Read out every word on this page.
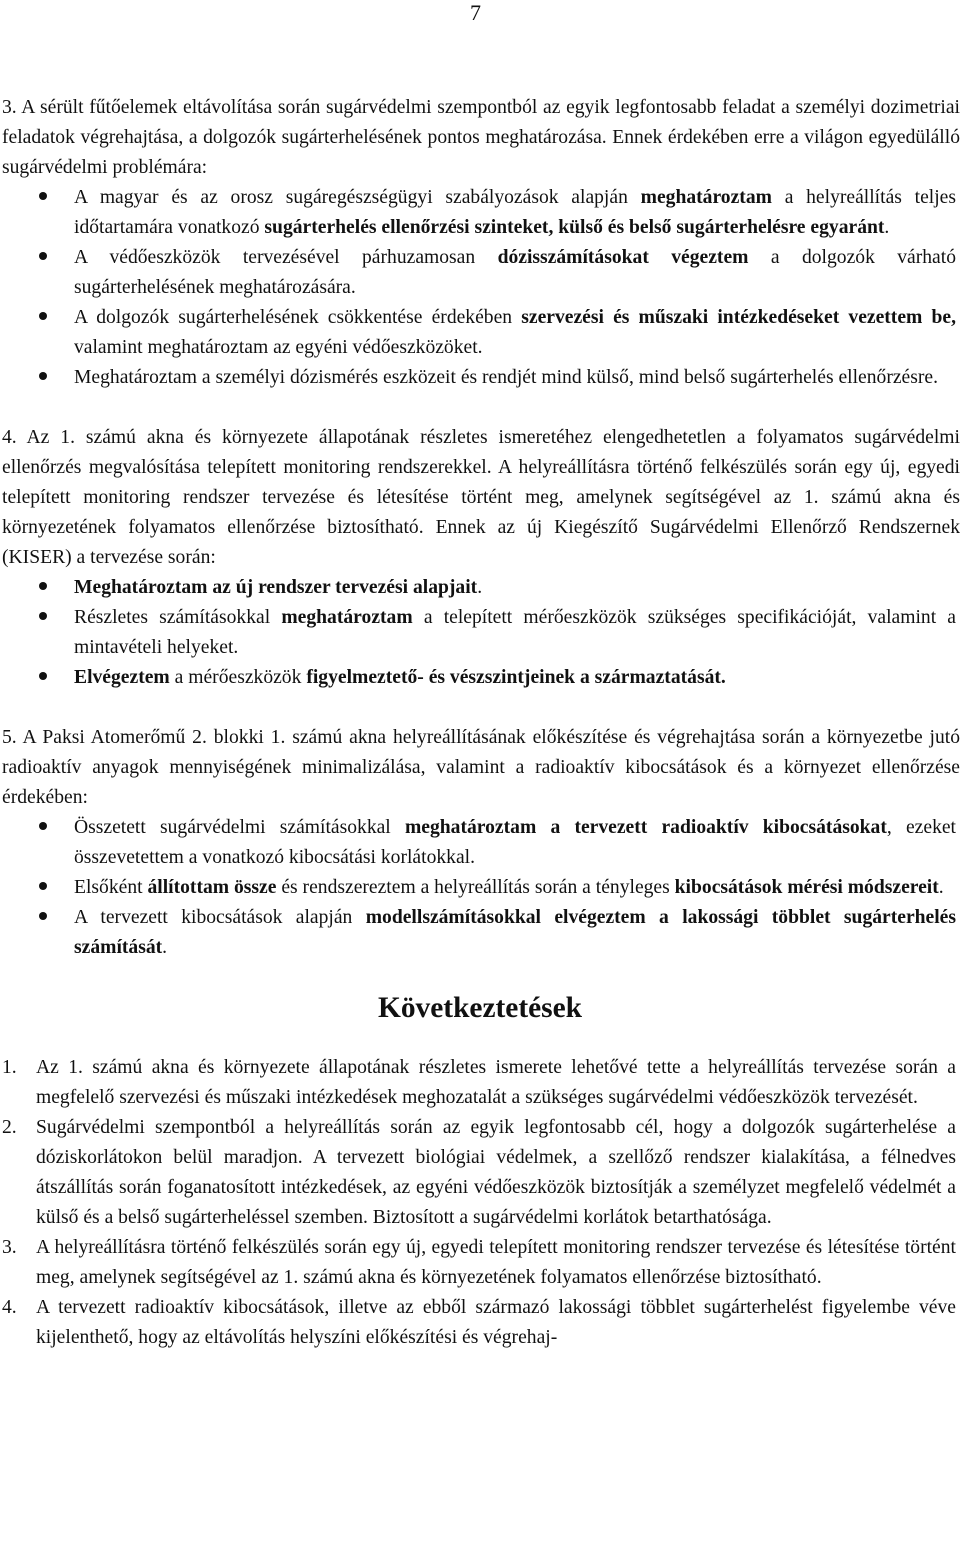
7

3. A sérült fűtőelemek eltávolítása során sugárvédelmi szempontból az egyik legfontosabb feladat a személyi dozimetriai feladatok végrehajtása, a dolgozók sugárterhelésének pontos meghatározása. Ennek érdekében erre a világon egyedülálló sugárvédelmi problémára:

A magyar és az orosz sugáregészségügyi szabályozások alapján meghatároztam a helyreállítás teljes időtartamára vonatkozó sugárterhelés ellenőrzési szinteket, külső és belső sugárterhelésre egyaránt.

A védőeszközök tervezésével párhuzamosan dózisszámításokat végeztem a dolgozók várható sugárterhelésének meghatározására.

A dolgozók sugárterhelésének csökkentése érdekében szervezési és műszaki intézkedéseket vezettem be, valamint meghatároztam az egyéni védőeszközöket.

Meghatároztam a személyi dózismérés eszközeit és rendjét mind külső, mind belső sugárterhelés ellenőrzésre.

4. Az 1. számú akna és környezete állapotának részletes ismeretéhez elengedhetetlen a folyamatos sugárvédelmi ellenőrzés megvalósítása telepített monitoring rendszerekkel. A helyreállításra történő felkészülés során egy új, egyedi telepített monitoring rendszer tervezése és létesítése történt meg, amelynek segítségével az 1. számú akna és környezetének folyamatos ellenőrzése biztosítható. Ennek az új Kiegészítő Sugárvédelmi Ellenőrző Rendszernek (KISER) a tervezése során:

Meghatároztam az új rendszer tervezési alapjait.

Részletes számításokkal meghatároztam a telepített mérőeszközök szükséges specifikációját, valamint a mintavételi helyeket.

Elvégeztem a mérőeszközök figyelmeztető- és vészszintjeinek a származtatását.

5. A Paksi Atomerőmű 2. blokki 1. számú akna helyreállításának előkészítése és végrehajtása során a környezetbe jutó radioaktív anyagok mennyiségének minimalizálása, valamint a radioaktív kibocsátások és a környezet ellenőrzése érdekében:

Összetett sugárvédelmi számításokkal meghatároztam a tervezett radioaktív kibocsátásokat, ezeket összevetettem a vonatkozó kibocsátási korlátokkal.

Elsőként állítottam össze és rendszereztem a helyreállítás során a tényleges kibocsátások mérési módszereit.

A tervezett kibocsátások alapján modellszámításokkal elvégeztem a lakossági többlet sugárterhelés számítását.

Következtetések
1. Az 1. számú akna és környezete állapotának részletes ismerete lehetővé tette a helyreállítás tervezése során a megfelelő szervezési és műszaki intézkedések meghozatalát a szükséges sugárvédelmi védőeszközök tervezését.

2. Sugárvédelmi szempontból a helyreállítás során az egyik legfontosabb cél, hogy a dolgozók sugárterhelése a dóziskorlátokon belül maradjon. A tervezett biológiai védelmek, a szellőző rendszer kialakítása, a félnedves átszállítás során foganatosított intézkedések, az egyéni védőeszközök biztosítják a személyzet megfelelő védelmét a külső és a belső sugárterheléssel szemben. Biztosított a sugárvédelmi korlátok betarthatósága.

3. A helyreállításra történő felkészülés során egy új, egyedi telepített monitoring rendszer tervezése és létesítése történt meg, amelynek segítségével az 1. számú akna és környezetének folyamatos ellenőrzése biztosítható.

4. A tervezett radioaktív kibocsátások, illetve az ebből származó lakossági többlet sugárterhelést figyelembe véve kijelenthető, hogy az eltávolítás helyszíni előkészítési és végrehaj-
